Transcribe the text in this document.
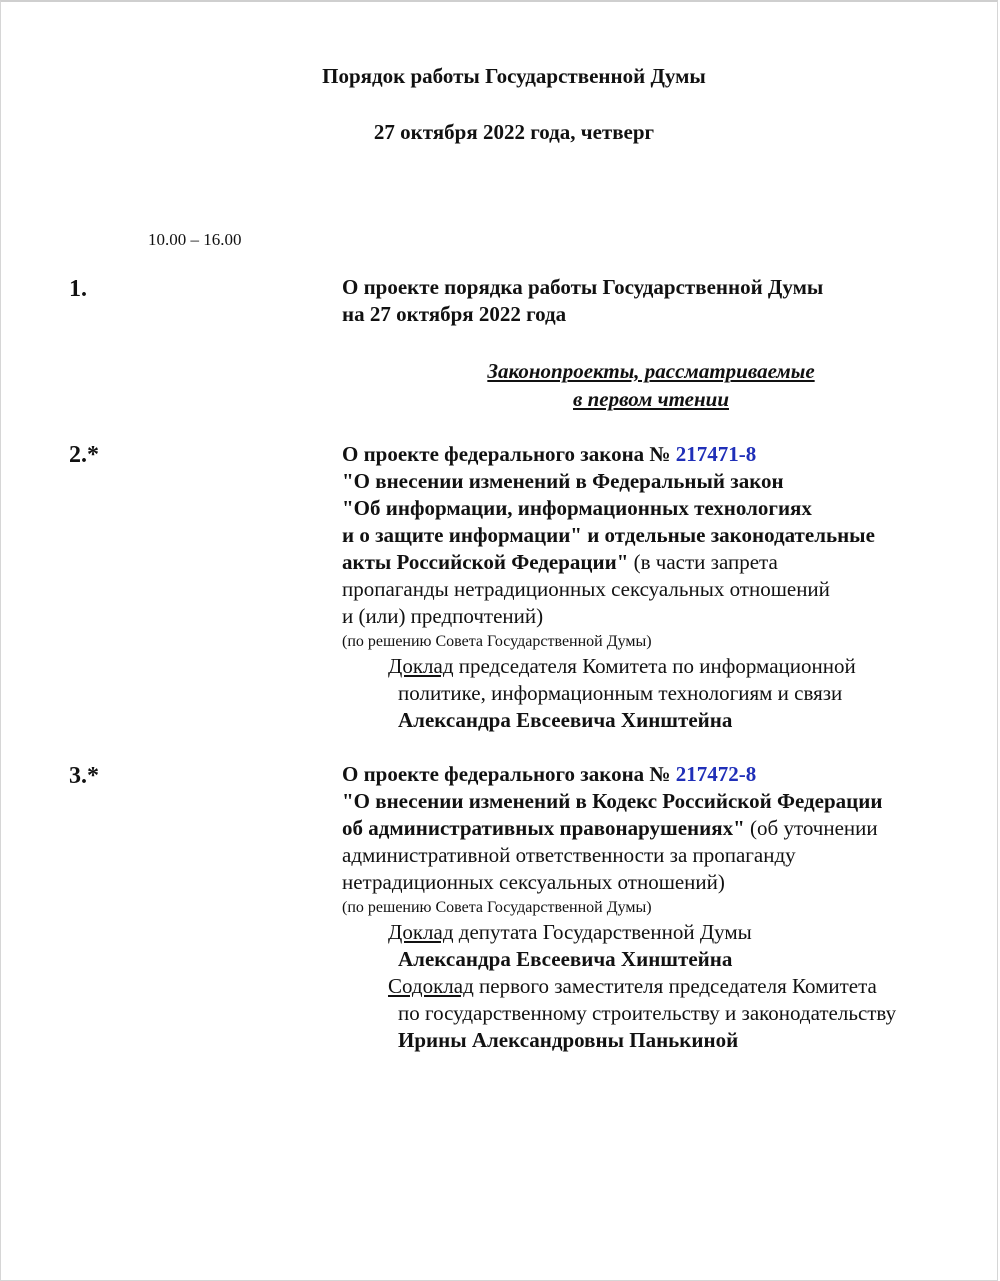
Порядок работы Государственной Думы
27 октября 2022 года, четверг
10.00 – 16.00
1.	О проекте порядка работы Государственной Думы
на 27 октября 2022 года
Законопроекты, рассматриваемые
в первом чтении
2.*	О проекте федерального закона № 217471-8
"О внесении изменений в Федеральный закон
"Об информации, информационных технологиях
и о защите информации" и отдельные законодательные
акты Российской Федерации" (в части запрета
пропаганды нетрадиционных сексуальных отношений
и (или) предпочтений)
(по решению Совета Государственной Думы)
Доклад председателя Комитета по информационной
политике, информационным технологиям и связи
Александра Евсеевича Хинштейна
3.*	О проекте федерального закона № 217472-8
"О внесении изменений в Кодекс Российской Федерации
об административных правонарушениях" (об уточнении
административной ответственности за пропаганду
нетрадиционных сексуальных отношений)
(по решению Совета Государственной Думы)
Доклад депутата Государственной Думы
Александра Евсеевича Хинштейна
Содоклад первого заместителя председателя Комитета
по государственному строительству и законодательству
Ирины Александровны Панькиной
